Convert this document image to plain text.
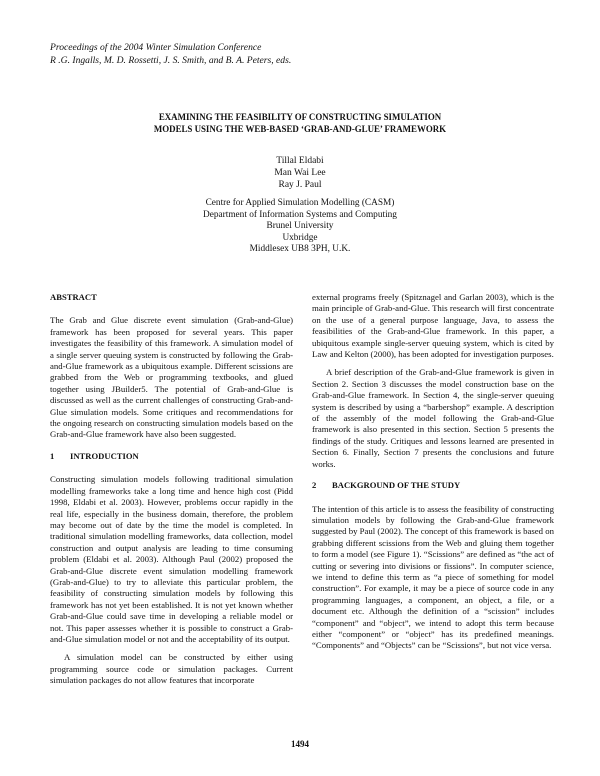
Proceedings of the 2004 Winter Simulation Conference
R .G. Ingalls, M. D. Rossetti, J. S. Smith, and B. A. Peters, eds.
EXAMINING THE FEASIBILITY OF CONSTRUCTING SIMULATION
MODELS USING THE WEB-BASED ‘GRAB-AND-GLUE’ FRAMEWORK
Tillal Eldabi
Man Wai Lee
Ray J. Paul
Centre for Applied Simulation Modelling (CASM)
Department of Information Systems and Computing
Brunel University
Uxbridge
Middlesex UB8 3PH, U.K.
ABSTRACT
The Grab and Glue discrete event simulation (Grab-and-Glue) framework has been proposed for several years. This paper investigates the feasibility of this framework. A simulation model of a single server queuing system is constructed by following the Grab-and-Glue framework as a ubiquitous example. Different scissions are grabbed from the Web or programming textbooks, and glued together using JBuilder5. The potential of Grab-and-Glue is discussed as well as the current challenges of constructing Grab-and-Glue simulation models. Some critiques and recommendations for the ongoing research on constructing simulation models based on the Grab-and-Glue framework have also been suggested.
1 INTRODUCTION
Constructing simulation models following traditional simulation modelling frameworks take a long time and hence high cost (Pidd 1998, Eldabi et al. 2003). However, problems occur rapidly in the real life, especially in the business domain, therefore, the problem may become out of date by the time the model is completed. In traditional simulation modelling frameworks, data collection, model construction and output analysis are leading to time consuming problem (Eldabi et al. 2003). Although Paul (2002) proposed the Grab-and-Glue discrete event simulation modelling framework (Grab-and-Glue) to try to alleviate this particular problem, the feasibility of constructing simulation models by following this framework has not yet been established. It is not yet known whether Grab-and-Glue could save time in developing a reliable model or not. This paper assesses whether it is possible to construct a Grab-and-Glue simulation model or not and the acceptability of its output.
A simulation model can be constructed by either using programming source code or simulation packages. Current simulation packages do not allow features that incorporate
external programs freely (Spitznagel and Garlan 2003), which is the main principle of Grab-and-Glue. This research will first concentrate on the use of a general purpose language, Java, to assess the feasibilities of the Grab-and-Glue framework. In this paper, a ubiquitous example single-server queuing system, which is cited by Law and Kelton (2000), has been adopted for investigation purposes.
A brief description of the Grab-and-Glue framework is given in Section 2. Section 3 discusses the model construction base on the Grab-and-Glue framework. In Section 4, the single-server queuing system is described by using a “barbershop” example. A description of the assembly of the model following the Grab-and-Glue framework is also presented in this section. Section 5 presents the findings of the study. Critiques and lessons learned are presented in Section 6. Finally, Section 7 presents the conclusions and future works.
2 BACKGROUND OF THE STUDY
The intention of this article is to assess the feasibility of constructing simulation models by following the Grab-and-Glue framework suggested by Paul (2002). The concept of this framework is based on grabbing different scissions from the Web and gluing them together to form a model (see Figure 1). “Scissions” are defined as “the act of cutting or severing into divisions or fissions”. In computer science, we intend to define this term as “a piece of something for model construction”. For example, it may be a piece of source code in any programming languages, a component, an object, a file, or a document etc. Although the definition of a “scission” includes “component” and “object”, we intend to adopt this term because either “component” or “object” has its predefined meanings. “Components” and “Objects” can be “Scissions”, but not vice versa.
1494
